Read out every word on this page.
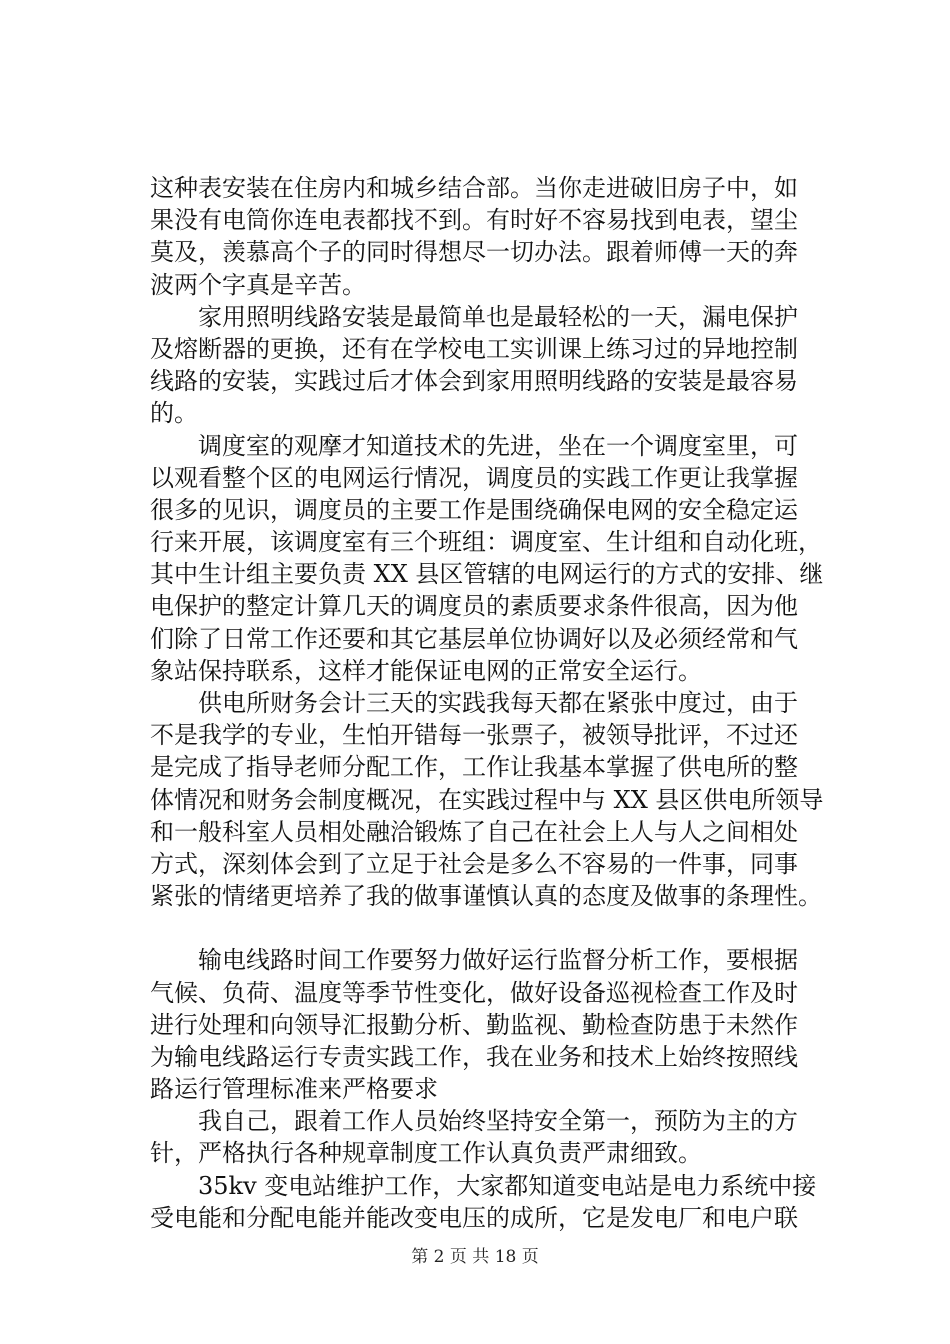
这种表安装在住房内和城乡结合部。当你走进破旧房子中，如
果没有电筒你连电表都找不到。有时好不容易找到电表，望尘
莫及，羡慕高个子的同时得想尽一切办法。跟着师傅一天的奔
波两个字真是辛苦。
　　家用照明线路安装是最简单也是最轻松的一天，漏电保护
及熔断器的更换，还有在学校电工实训课上练习过的异地控制
线路的安装，实践过后才体会到家用照明线路的安装是最容易
的。
　　调度室的观摩才知道技术的先进，坐在一个调度室里，可
以观看整个区的电网运行情况，调度员的实践工作更让我掌握
很多的见识，调度员的主要工作是围绕确保电网的安全稳定运
行来开展，该调度室有三个班组：调度室、生计组和自动化班，
其中生计组主要负责 XX 县区管辖的电网运行的方式的安排、继
电保护的整定计算几天的调度员的素质要求条件很高，因为他
们除了日常工作还要和其它基层单位协调好以及必须经常和气
象站保持联系，这样才能保证电网的正常安全运行。
　　供电所财务会计三天的实践我每天都在紧张中度过，由于
不是我学的专业，生怕开错每一张票子，被领导批评，不过还
是完成了指导老师分配工作，工作让我基本掌握了供电所的整
体情况和财务会制度概况，在实践过程中与 XX 县区供电所领导
和一般科室人员相处融洽锻炼了自己在社会上人与人之间相处
方式，深刻体会到了立足于社会是多么不容易的一件事，同事
紧张的情绪更培养了我的做事谨慎认真的态度及做事的条理性。
　　输电线路时间工作要努力做好运行监督分析工作，要根据
气候、负荷、温度等季节性变化，做好设备巡视检查工作及时
进行处理和向领导汇报勤分析、勤监视、勤检查防患于未然作
为输电线路运行专责实践工作，我在业务和技术上始终按照线
路运行管理标准来严格要求
　　我自己，跟着工作人员始终坚持安全第一，预防为主的方
针，严格执行各种规章制度工作认真负责严肃细致。
　　35kv 变电站维护工作，大家都知道变电站是电力系统中接
受电能和分配电能并能改变电压的成所，它是发电厂和电户联
第 2 页 共 18 页
